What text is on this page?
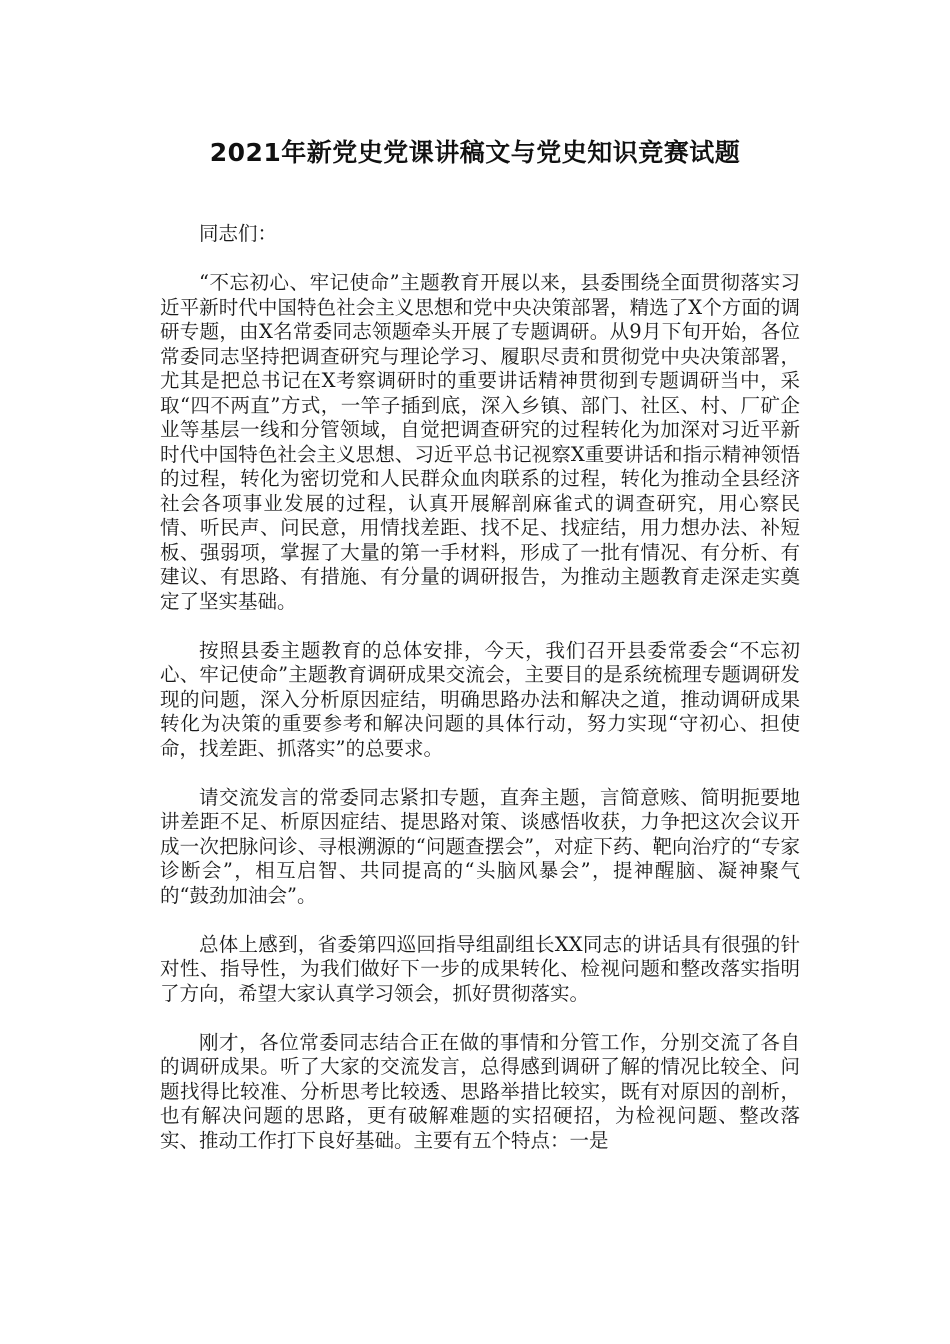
2021年新党史党课讲稿文与党史知识竞赛试题

同志们：

“不忘初心、牢记使命”主题教育开展以来，县委围绕全面贯彻落实习近平新时代中国特色社会主义思想和党中央决策部署，精选了X个方面的调研专题，由X名常委同志领题牵头开展了专题调研。从9月下旬开始，各位常委同志坚持把调查研究与理论学习、履职尽责和贯彻党中央决策部署，尤其是把总书记在X考察调研时的重要讲话精神贯彻到专题调研当中，采取“四不两直”方式，一竿子插到底，深入乡镇、部门、社区、村、厂矿企业等基层一线和分管领域，自觉把调查研究的过程转化为加深对习近平新时代中国特色社会主义思想、习近平总书记视察X重要讲话和指示精神领悟的过程，转化为密切党和人民群众血肉联系的过程，转化为推动全县经济社会各项事业发展的过程，认真开展解剖麻雀式的调查研究，用心察民情、听民声、问民意，用情找差距、找不足、找症结，用力想办法、补短板、强弱项，掌握了大量的第一手材料，形成了一批有情况、有分析、有建议、有思路、有措施、有分量的调研报告，为推动主题教育走深走实奠定了坚实基础。

按照县委主题教育的总体安排，今天，我们召开县委常委会“不忘初心、牢记使命”主题教育调研成果交流会，主要目的是系统梳理专题调研发现的问题，深入分析原因症结，明确思路办法和解决之道，推动调研成果转化为决策的重要参考和解决问题的具体行动，努力实现“守初心、担使命，找差距、抓落实”的总要求。

请交流发言的常委同志紧扣专题，直奔主题，言简意赅、简明扼要地讲差距不足、析原因症结、提思路对策、谈感悟收获，力争把这次会议开成一次把脉问诊、寻根溯源的“问题查摆会”，对症下药、靶向治疗的“专家诊断会”，相互启智、共同提高的“头脑风暴会”，提神醒脑、凝神聚气的“鼓劲加油会”。

总体上感到，省委第四巡回指导组副组长XX同志的讲话具有很强的针对性、指导性，为我们做好下一步的成果转化、检视问题和整改落实指明了方向，希望大家认真学习领会，抓好贯彻落实。

刚才，各位常委同志结合正在做的事情和分管工作，分别交流了各自的调研成果。听了大家的交流发言，总得感到调研了解的情况比较全、问题找得比较准、分析思考比较透、思路举措比较实，既有对原因的剖析，也有解决问题的思路，更有破解难题的实招硬招，为检视问题、整改落实、推动工作打下良好基础。主要有五个特点：一是
